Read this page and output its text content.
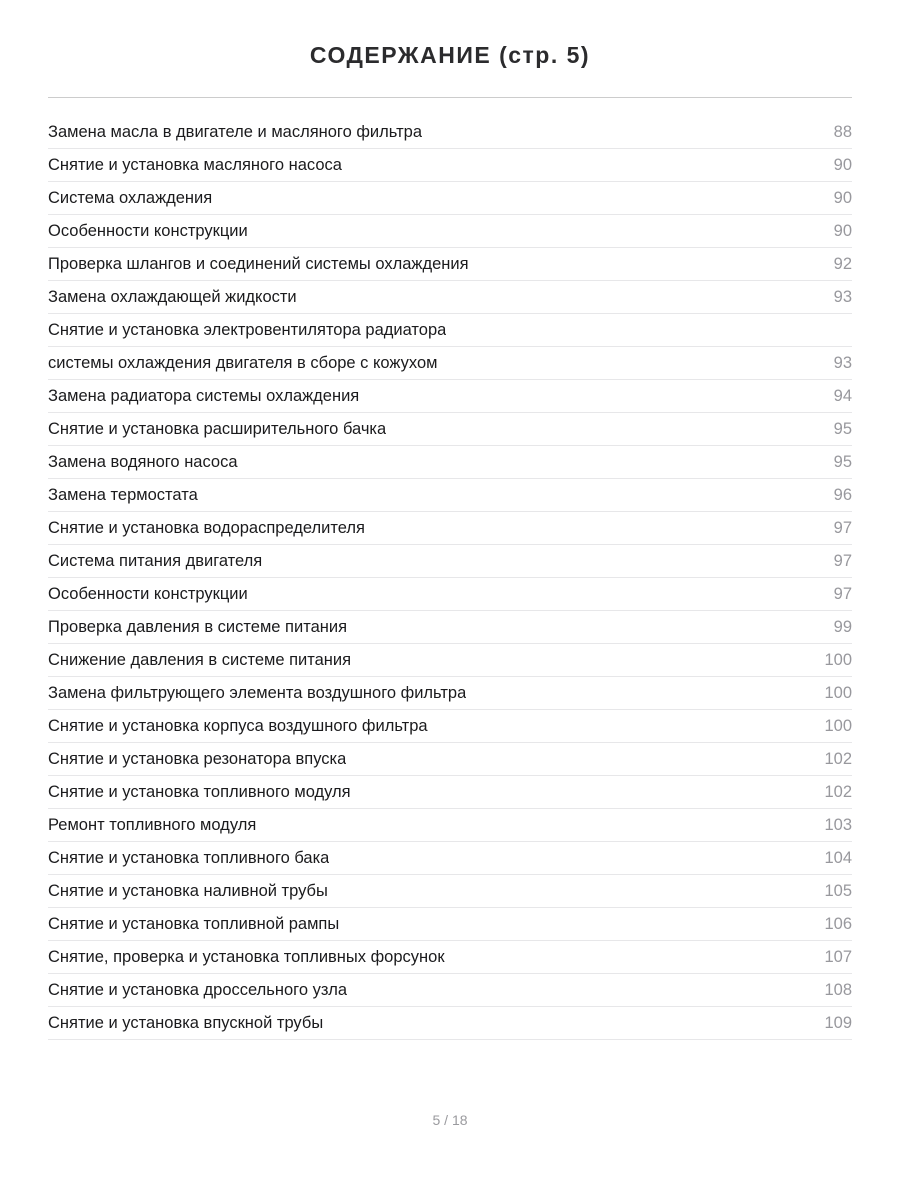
СОДЕРЖАНИЕ (стр. 5)
Замена масла в двигателе и масляного фильтра	88
Снятие и установка масляного насоса	90
Система охлаждения	90
Особенности конструкции	90
Проверка шлангов и соединений системы охлаждения	92
Замена охлаждающей жидкости	93
Снятие и установка электровентилятора радиатора
системы охлаждения двигателя в сборе с кожухом	93
Замена радиатора системы охлаждения	94
Снятие и установка расширительного бачка	95
Замена водяного насоса	95
Замена термостата	96
Снятие и установка водораспределителя	97
Система питания двигателя	97
Особенности конструкции	97
Проверка давления в системе питания	99
Снижение давления в системе питания	100
Замена фильтрующего элемента воздушного фильтра	100
Снятие и установка корпуса воздушного фильтра	100
Снятие и установка резонатора впуска	102
Снятие и установка топливного модуля	102
Ремонт топливного модуля	103
Снятие и установка топливного бака	104
Снятие и установка наливной трубы	105
Снятие и установка топливной рампы	106
Снятие, проверка и установка топливных форсунок	107
Снятие и установка дроссельного узла	108
Снятие и установка впускной трубы	109
5 / 18
